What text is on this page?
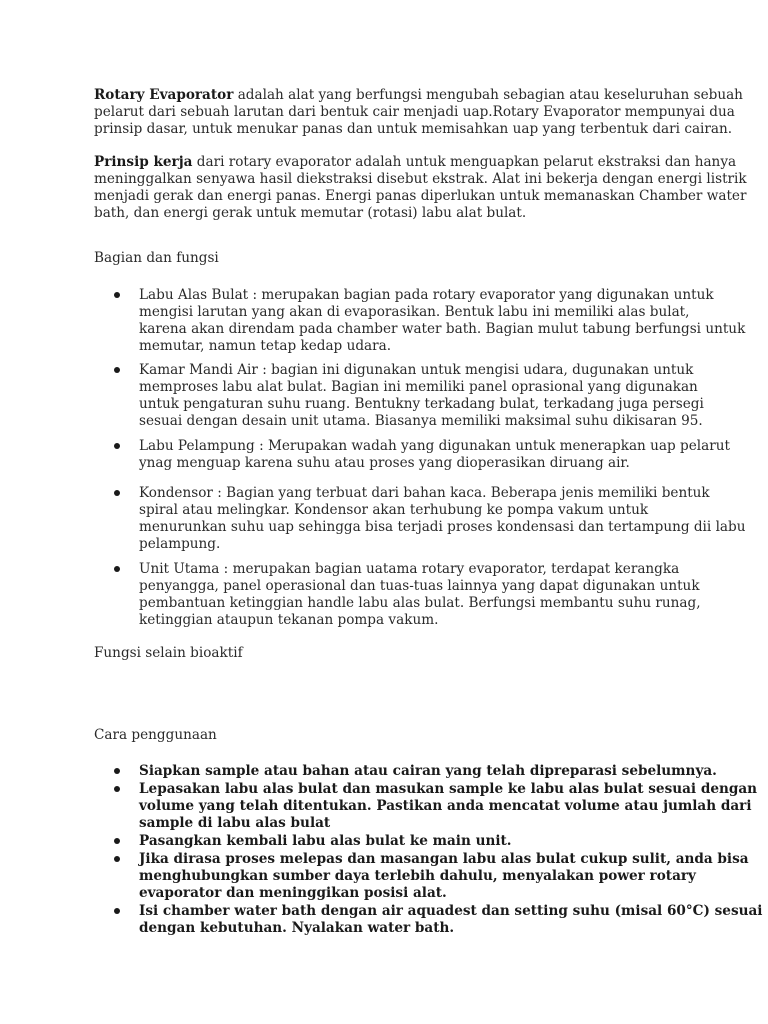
Rotary Evaporator adalah alat yang berfungsi mengubah sebagian atau keseluruhan sebuah
pelarut dari sebuah larutan dari bentuk cair menjadi uap.Rotary Evaporator mempunyai dua
prinsip dasar, untuk menukar panas dan untuk memisahkan uap yang terbentuk dari cairan.
Prinsip kerja dari rotary evaporator adalah untuk menguapkan pelarut ekstraksi dan hanya
meninggalkan senyawa hasil diekstraksi disebut ekstrak. Alat ini bekerja dengan energi listrik
menjadi gerak dan energi panas. Energi panas diperlukan untuk memanaskan Chamber water
bath, dan energi gerak untuk memutar (rotasi) labu alat bulat.
Bagian dan fungsi
Labu Alas Bulat : merupakan bagian pada rotary evaporator yang digunakan untuk
mengisi larutan yang akan di evaporasikan. Bentuk labu ini memiliki alas bulat,
karena akan direndam pada chamber water bath. Bagian mulut tabung berfungsi untuk
memutar, namun tetap kedap udara.
Kamar Mandi Air : bagian ini digunakan untuk mengisi udara, dugunakan untuk
memproses labu alat bulat. Bagian ini memiliki panel oprasional yang digunakan
untuk pengaturan suhu ruang. Bentukny terkadang bulat, terkadang juga persegi
sesuai dengan desain unit utama. Biasanya memiliki maksimal suhu dikisaran 95.
Labu Pelampung : Merupakan wadah yang digunakan untuk menerapkan uap pelarut
ynag menguap karena suhu atau proses yang dioperasikan diruang air.
Kondensor : Bagian yang terbuat dari bahan kaca. Beberapa jenis memiliki bentuk
spiral atau melingkar. Kondensor akan terhubung ke pompa vakum untuk
menurunkan suhu uap sehingga bisa terjadi proses kondensasi dan tertampung dii labu
pelampung.
Unit Utama : merupakan bagian uatama rotary evaporator, terdapat kerangka
penyangga, panel operasional dan tuas-tuas lainnya yang dapat digunakan untuk
pembantuan ketinggian handle labu alas bulat. Berfungsi membantu suhu runag,
ketinggian ataupun tekanan pompa vakum.
Fungsi selain bioaktif
Cara penggunaan
Siapkan sample atau bahan atau cairan yang telah dipreparasi sebelumnya.
Lepasakan labu alas bulat dan masukan sample ke labu alas bulat sesuai dengan
volume yang telah ditentukan. Pastikan anda mencatat volume atau jumlah dari
sample di labu alas bulat
Pasangkan kembali labu alas bulat ke main unit.
Jika dirasa proses melepas dan masangan labu alas bulat cukup sulit, anda bisa
menghubungkan sumber daya terlebih dahulu, menyalakan power rotary
evaporator dan meninggikan posisi alat.
Isi chamber water bath dengan air aquadest dan setting suhu (misal 60°C) sesuai
dengan kebutuhan. Nyalakan water bath.
